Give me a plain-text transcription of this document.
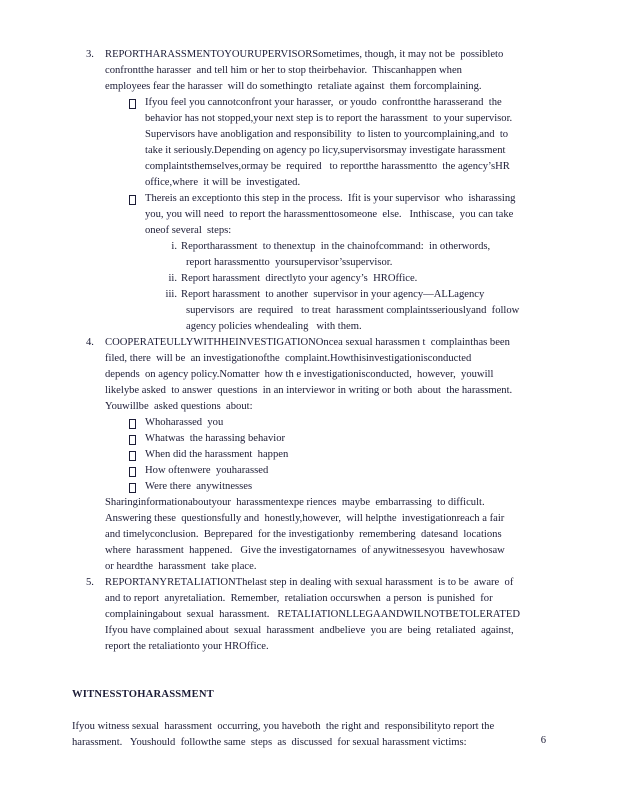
3. REPORTHARASSMENTOYOURUPERVISORSometimes, though, it may not be  possibleto
confrontthe harasser  and tell him or her to stop theirbehavior.  Thiscanhappen when
employees fear the harasser  will do somethingto  retaliate against  them forcomplaining.
Ifyou feel you cannotconfront your harasser,  or youdo  confrontthe harasserand  the
behavior has not stopped,your next step is to report the harassment  to your supervisor.
Supervisors have anobligation and responsibility  to listen to yourcomplaining,and  to
take it seriously.Depending on agency po licy,supervisorsmay investigate harassment
complaintsthemselves,ormay be  required   to reportthe harassmentto  the agency’sHR
office,where  it will be  investigated.
Thereis an exceptionto this step in the process.  Ifit is your supervisor  who  isharassing
you, you will need  to report the harassmenttosomeone  else.   Inthiscase,  you can take
oneof several  steps:
i. Reportharassment  to thenextup  in the chainofcommand:  in otherwords,
report harassmentto  yoursupervisor’ssupervisor.
ii. Report harassment  directlyto your agency’s  HROffice.
iii. Report harassment  to another  supervisor in your agency—ALLagency
supervisors  are  required   to treat  harassment complaintsseriouslyand  follow
agency policies whendealing   with them.
4. COOPERATEULLYWITHHEINVESTIGATIONOncea sexual harassmen t  complainthas been
filed, there  will be  an investigationofthe  complaint.Howthisinvestigationisconducted
depends  on agency policy.Nomatter  how th e investigationisconducted,  however,  youwill
likelybe asked  to answer  questions  in an interviewor in writing or both  about  the harassment.
Youwillbe  asked questions  about:
Whoharassed  you
Whatwas  the harassing behavior
When did the harassment  happen
How oftenwere  youharassed
Were there  anywitnesses
Sharinginformationaboutyour  harassmentexpe riences  maybe  embarrassing  to difficult.
Answering these  questionsfully and  honestly,however,  will helpthe  investigationreach a fair
and timelyconclusion.  Beprepared  for the investigationby  remembering  datesand  locations
where  harassment  happened.   Give the investigatornames  of anywitnessesyou  havewhosaw
or heardthe  harassment  take place.
5. REPORTANYRETALIATIONThelast step in dealing with sexual harassment  is to be  aware  of
and to report  anyretaliation.  Remember,  retaliation occurswhen  a person  is punished  for
complainingabout  sexual  harassment.   RETALIATIONLLEGAANDWILNOTBETOLERATED
Ifyou have complained about  sexual  harassment  andbelieve  you are  being  retaliated  against,
report the retaliationto your HROffice.
WITNESSTOHARASSMENT
Ifyou witness sexual  harassment  occurring, you haveboth  the right and  responsibilityto report the
harassment.   Youshould  followthe same  steps  as  discussed  for sexual harassment victims:	6
